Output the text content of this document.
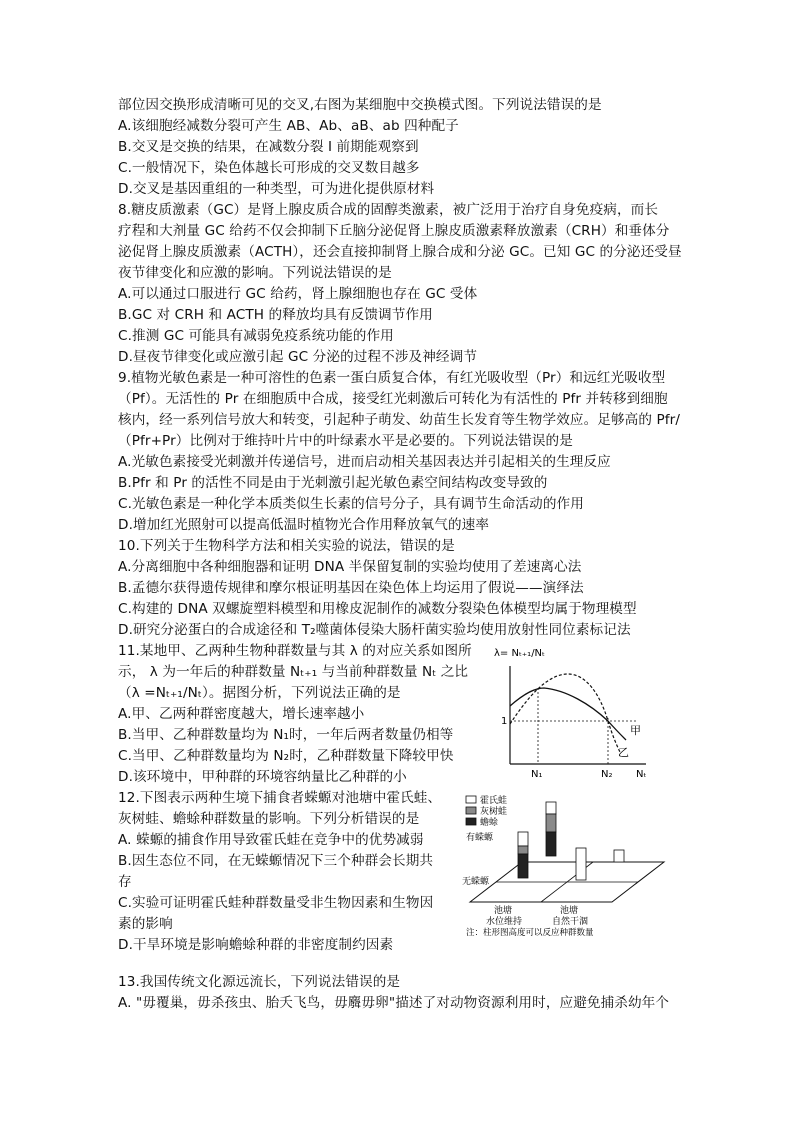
部位因交换形成清晰可见的交叉,右图为某细胞中交换模式图。下列说法错误的是
A.该细胞经减数分裂可产生 AB、Ab、aB、ab 四种配子
B.交叉是交换的结果，在减数分裂 I 前期能观察到
C.一般情况下，染色体越长可形成的交叉数目越多
D.交叉是基因重组的一种类型，可为进化提供原材料
8.糖皮质激素（GC）是肾上腺皮质合成的固醇类激素，被广泛用于治疗自身免疫病，而长
疗程和大剂量 GC 给药不仅会抑制下丘脑分泌促肾上腺皮质激素释放激素（CRH）和垂体分
泌促肾上腺皮质激素（ACTH），还会直接抑制肾上腺合成和分泌 GC。已知 GC 的分泌还受昼
夜节律变化和应激的影响。下列说法错误的是
A.可以通过口服进行 GC 给药，肾上腺细胞也存在 GC 受体
B.GC 对 CRH 和 ACTH 的释放均具有反馈调节作用
C.推测 GC 可能具有减弱免疫系统功能的作用
D.昼夜节律变化或应激引起 GC 分泌的过程不涉及神经调节
9.植物光敏色素是一种可溶性的色素一蛋白质复合体，有红光吸收型（Pr）和远红光吸收型
（Pf）。无活性的 Pr 在细胞质中合成，接受红光刺激后可转化为有活性的 Pfr 并转移到细胞
核内，经一系列信号放大和转变，引起种子萌发、幼苗生长发育等生物学效应。足够高的 Pfr/
（Pfr+Pr）比例对于维持叶片中的叶绿素水平是必要的。下列说法错误的是
A.光敏色素接受光刺激并传递信号，进而启动相关基因表达并引起相关的生理反应
B.Pfr 和 Pr 的活性不同是由于光刺激引起光敏色素空间结构改变导致的
C.光敏色素是一种化学本质类似生长素的信号分子，具有调节生命活动的作用
D.增加红光照射可以提高低温时植物光合作用释放氧气的速率
10.下列关于生物科学方法和相关实验的说法，错误的是
A.分离细胞中各种细胞器和证明 DNA 半保留复制的实验均使用了差速离心法
B.孟德尔获得遗传规律和摩尔根证明基因在染色体上均运用了假说——演绎法
C.构建的 DNA 双螺旋塑料模型和用橡皮泥制作的减数分裂染色体模型均属于物理模型
D.研究分泌蛋白的合成途径和 T₂噬菌体侵染大肠杆菌实验均使用放射性同位素标记法
11.某地甲、乙两种生物种群数量与其 λ 的对应关系如图所
示， λ 为一年后的种群数量 Nₜ₊₁ 与当前种群数量 Nₜ 之比
（λ =Nₜ₊₁/Nₜ）。据图分析，下列说法正确的是
A.甲、乙两种群密度越大，增长速率越小
B.当甲、乙种群数量均为 N₁时，一年后两者数量仍相等
C.当甲、乙种群数量均为 N₂时，乙种群数量下降较甲快
D.该环境中，甲种群的环境容纳量比乙种群的小
λ= Nₜ₊₁/Nₜ
1
甲
乙
N₁	N₂ Nₜ
12.下图表示两种生境下捕食者蝾螈对池塘中霍氏蛙、
灰树蛙、蟾蜍种群数量的影响。下列分析错误的是
A. 蝾螈的捕食作用导致霍氏蛙在竞争中的优势减弱
B.因生态位不同，在无蝾螈情况下三个种群会长期共
存
C.实验可证明霍氏蛙种群数量受非生物因素和生物因
素的影响
D.干旱环境是影响蟾蜍种群的非密度制约因素
霍氏蛙
灰树蛙
蟾蜍
有蝾螈
无蝾螈
池塘
水位维持
池塘
自然干涸
注：柱形图高度可以反应种群数量
13.我国传统文化源远流长，下列说法错误的是
A. "毋覆巢，毋杀孩虫、胎夭飞鸟，毋麛毋卵"描述了对动物资源利用时，应避免捕杀幼年个
